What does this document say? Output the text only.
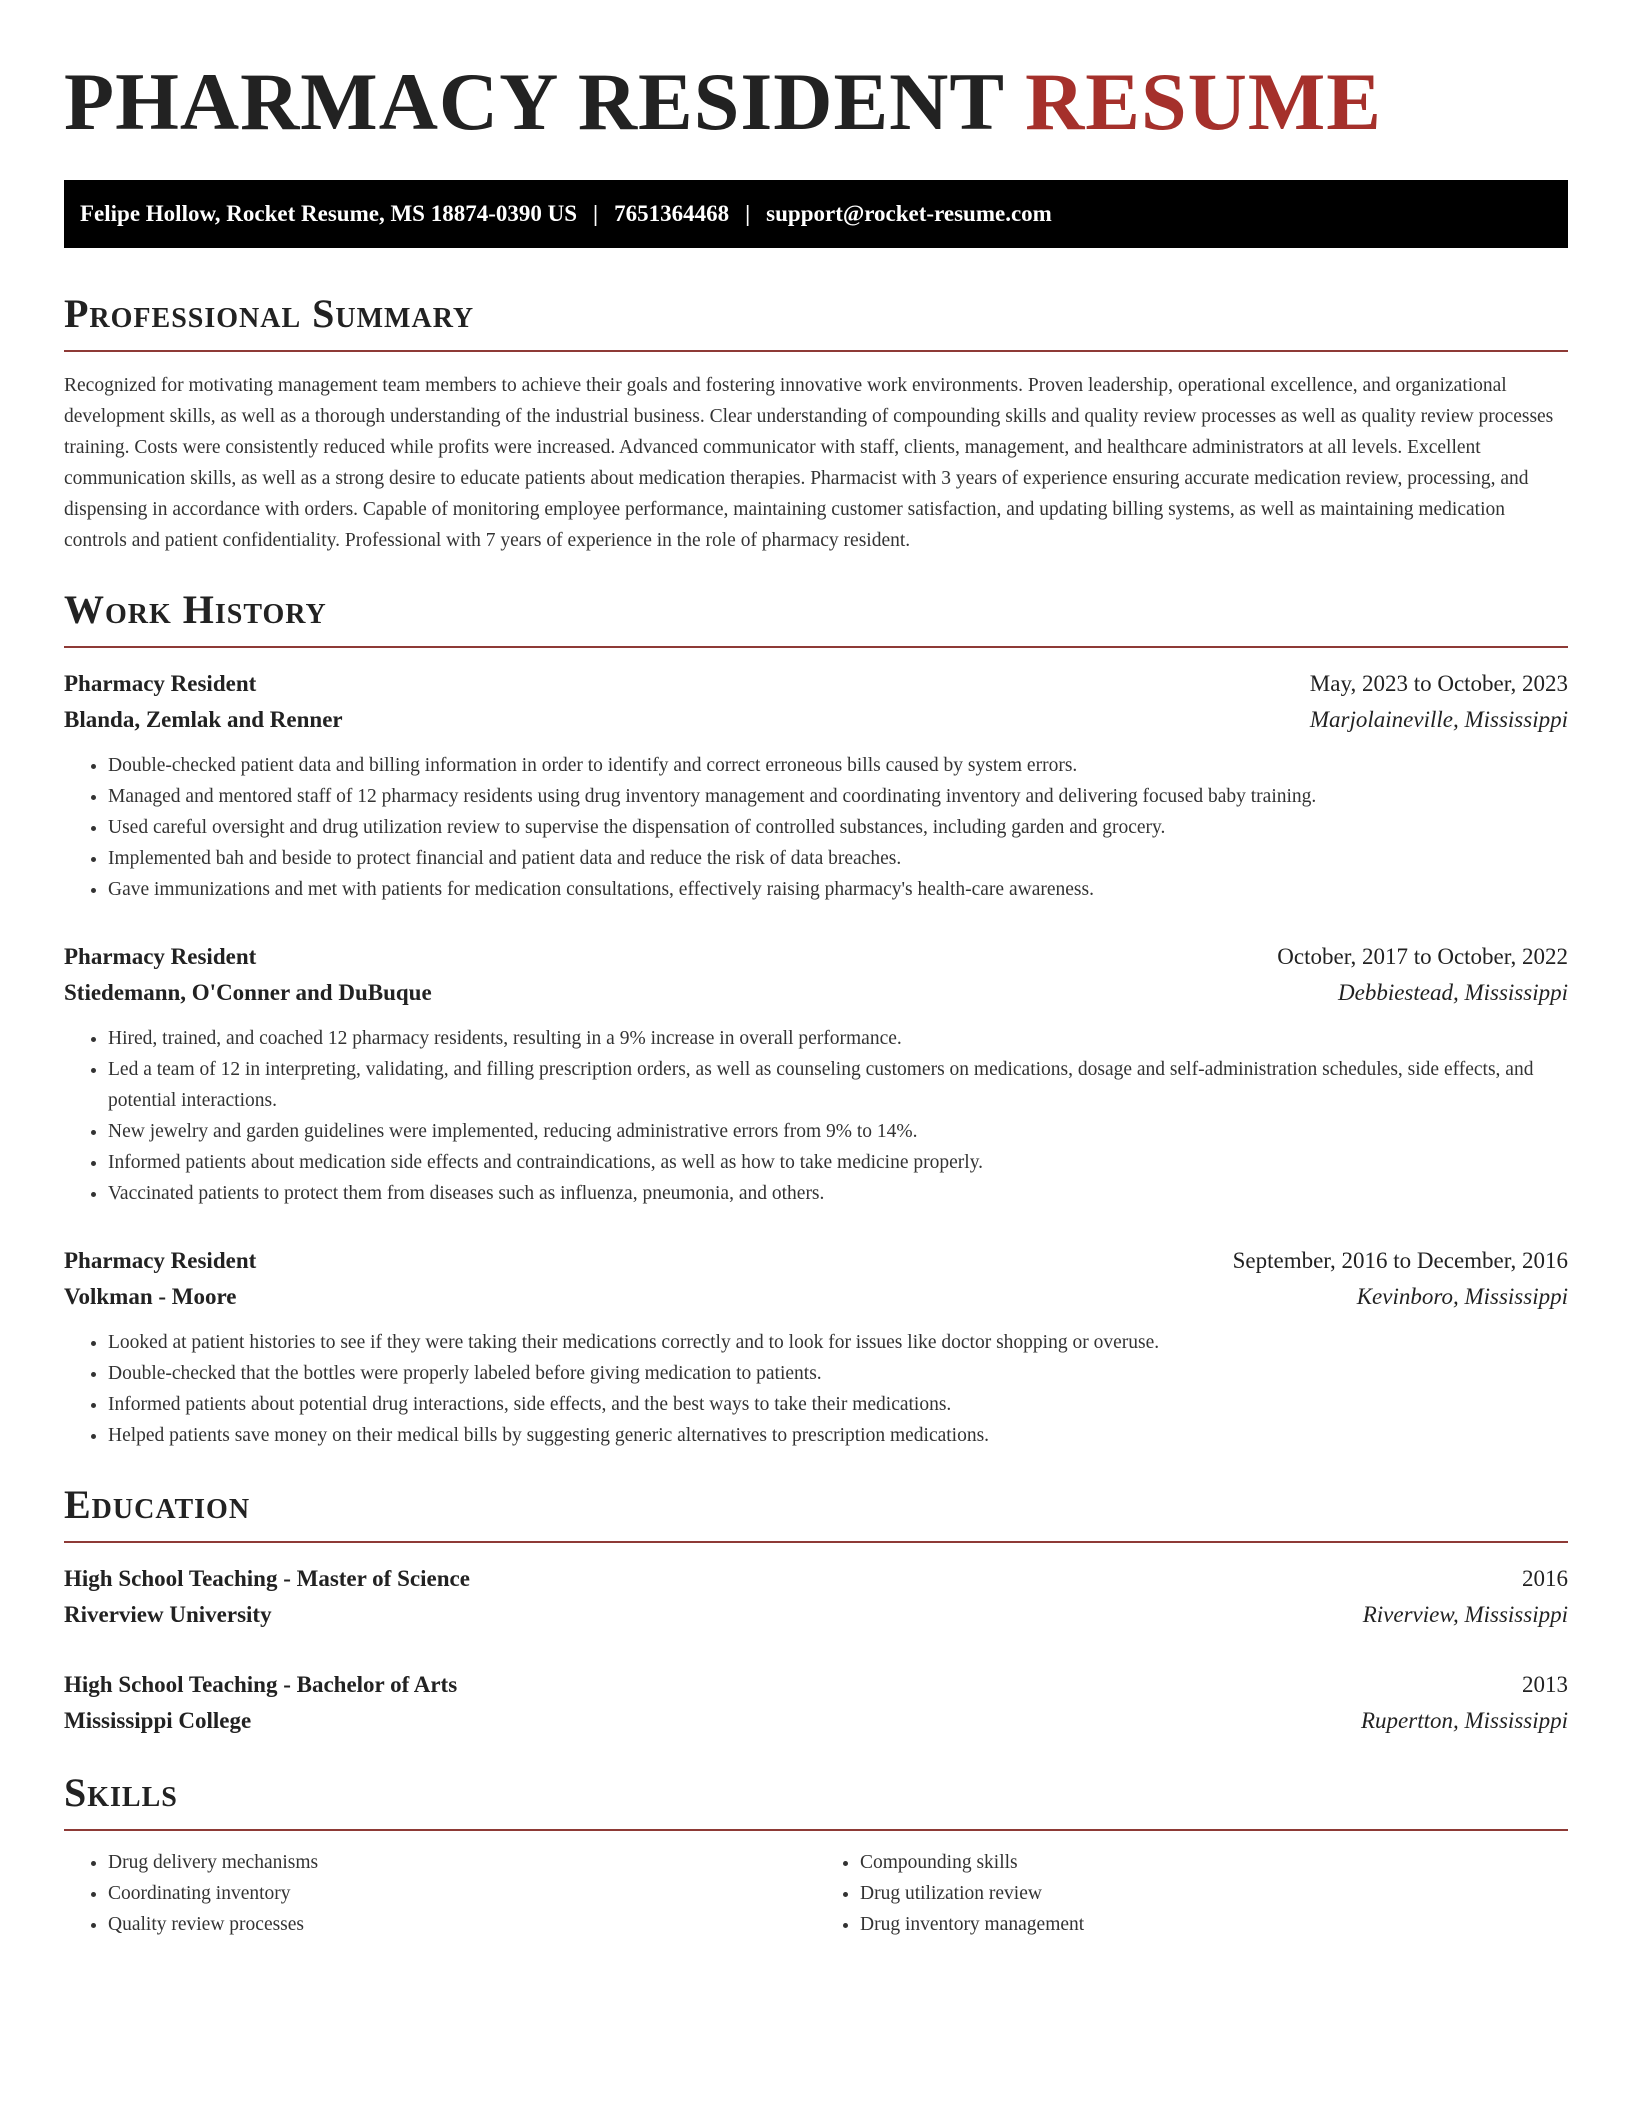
PHARMACY RESIDENT RESUME
Felipe Hollow, Rocket Resume, MS 18874-0390 US | 7651364468 | support@rocket-resume.com
Professional Summary

Recognized for motivating management team members to achieve their goals and fostering innovative work environments. Proven leadership, operational excellence, and organizational development skills, as well as a thorough understanding of the industrial business. Clear understanding of compounding skills and quality review processes as well as quality review processes training. Costs were consistently reduced while profits were increased. Advanced communicator with staff, clients, management, and healthcare administrators at all levels. Excellent communication skills, as well as a strong desire to educate patients about medication therapies. Pharmacist with 3 years of experience ensuring accurate medication review, processing, and dispensing in accordance with orders. Capable of monitoring employee performance, maintaining customer satisfaction, and updating billing systems, as well as maintaining medication controls and patient confidentiality. Professional with 7 years of experience in the role of pharmacy resident.

Work History
Pharmacy Resident	May, 2023 to October, 2023
Blanda, Zemlak and Renner	Marjolaineville, Mississippi
• Double-checked patient data and billing information in order to identify and correct erroneous bills caused by system errors.
• Managed and mentored staff of 12 pharmacy residents using drug inventory management and coordinating inventory and delivering focused baby training.
• Used careful oversight and drug utilization review to supervise the dispensation of controlled substances, including garden and grocery.
• Implemented bah and beside to protect financial and patient data and reduce the risk of data breaches.
• Gave immunizations and met with patients for medication consultations, effectively raising pharmacy's health-care awareness.
Pharmacy Resident	October, 2017 to October, 2022
Stiedemann, O'Conner and DuBuque	Debbiestead, Mississippi
• Hired, trained, and coached 12 pharmacy residents, resulting in a 9% increase in overall performance.
• Led a team of 12 in interpreting, validating, and filling prescription orders, as well as counseling customers on medications, dosage and self-administration schedules, side effects, and potential interactions.
• New jewelry and garden guidelines were implemented, reducing administrative errors from 9% to 14%.
• Informed patients about medication side effects and contraindications, as well as how to take medicine properly.
• Vaccinated patients to protect them from diseases such as influenza, pneumonia, and others.
Pharmacy Resident	September, 2016 to December, 2016
Volkman - Moore	Kevinboro, Mississippi
• Looked at patient histories to see if they were taking their medications correctly and to look for issues like doctor shopping or overuse.
• Double-checked that the bottles were properly labeled before giving medication to patients.
• Informed patients about potential drug interactions, side effects, and the best ways to take their medications.
• Helped patients save money on their medical bills by suggesting generic alternatives to prescription medications.
Education
High School Teaching - Master of Science	2016
Riverview University	Riverview, Mississippi
High School Teaching - Bachelor of Arts	2013
Mississippi College	Rupertton, Mississippi
Skills
• Drug delivery mechanisms
• Coordinating inventory
• Quality review processes
• Compounding skills
• Drug utilization review
• Drug inventory management
